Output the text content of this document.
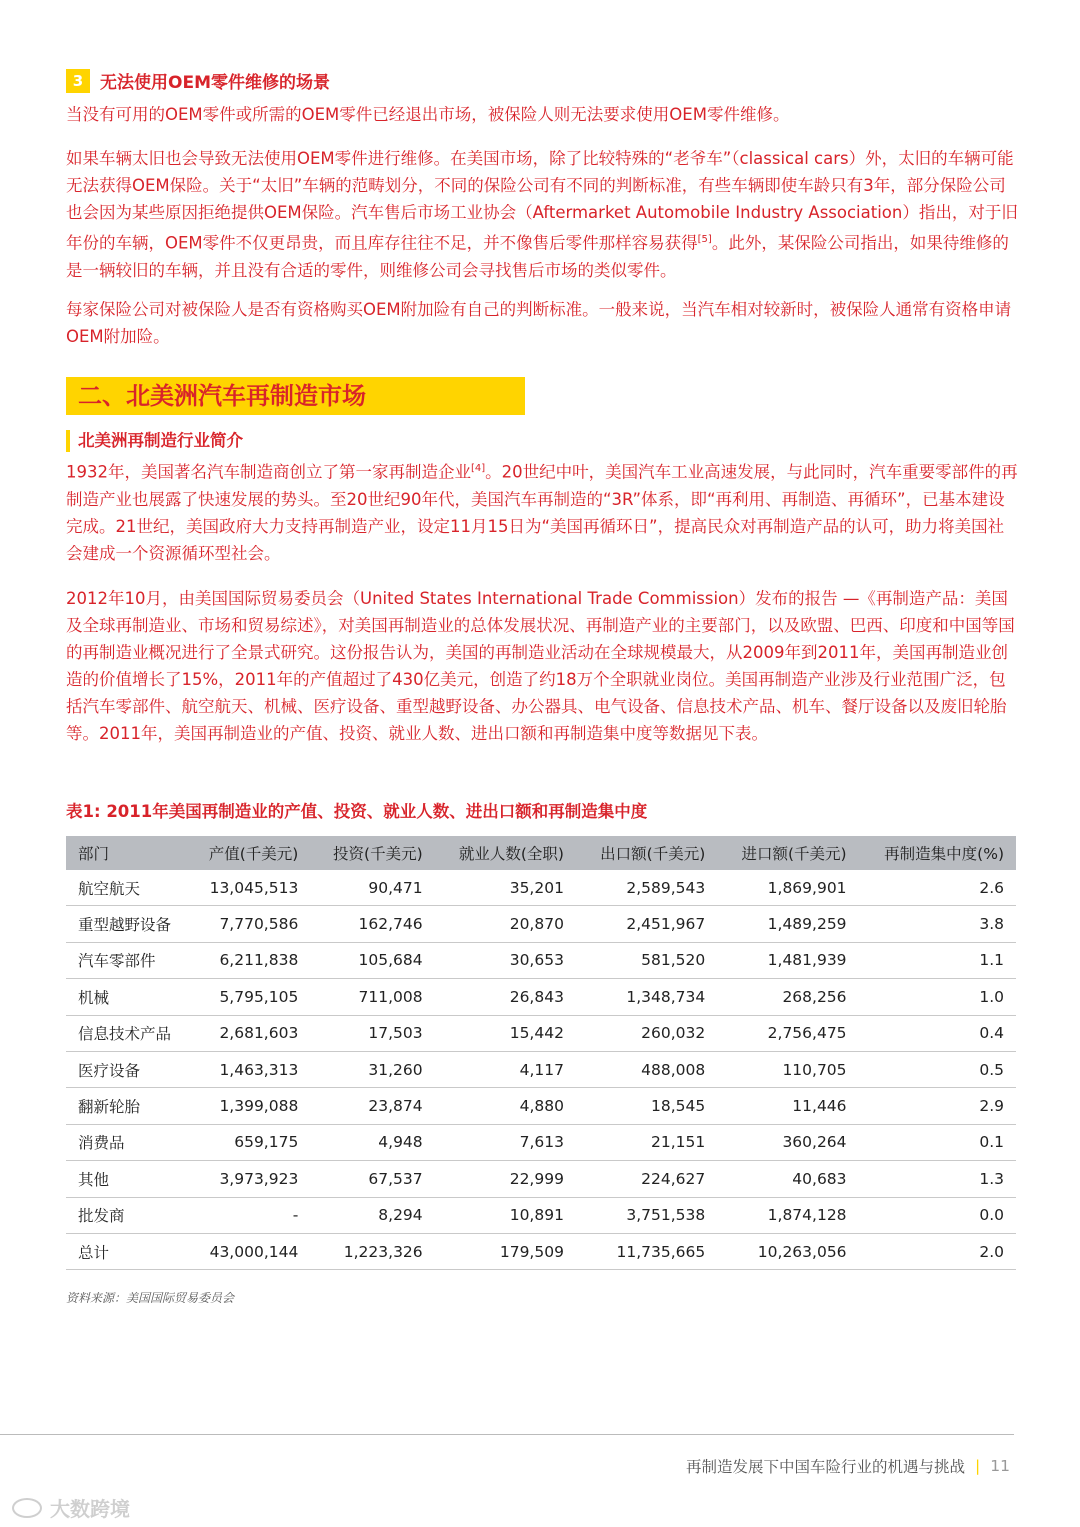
3 无法使用OEM零件维修的场景

当没有可用的OEM零件或所需的OEM零件已经退出市场，被保险人则无法要求使用OEM零件维修。

如果车辆太旧也会导致无法使用OEM零件进行维修。在美国市场，除了比较特殊的“老爷车”（classical cars）外，太旧的车辆可能无法获得OEM保险。关于“太旧”车辆的范畴划分，不同的保险公司有不同的判断标准，有些车辆即使车龄只有3年，部分保险公司也会因为某些原因拒绝提供OEM保险。汽车售后市场工业协会（Aftermarket Automobile Industry Association）指出，对于旧年份的车辆，OEM零件不仅更昂贵，而且库存往往不足，并不像售后零件那样容易获得[5]。此外，某保险公司指出，如果待维修的是一辆较旧的车辆，并且没有合适的零件，则维修公司会寻找售后市场的类似零件。

每家保险公司对被保险人是否有资格购买OEM附加险有自己的判断标准。一般来说，当汽车相对较新时，被保险人通常有资格申请OEM附加险。

二、北美洲汽车再制造市场
北美洲再制造行业简介

1932年，美国著名汽车制造商创立了第一家再制造企业[4]。20世纪中叶，美国汽车工业高速发展，与此同时，汽车重要零部件的再制造产业也展露了快速发展的势头。至20世纪90年代，美国汽车再制造的“3R”体系，即“再利用、再制造、再循环”，已基本建设完成。21世纪，美国政府大力支持再制造产业，设定11月15日为“美国再循环日”，提高民众对再制造产品的认可，助力将美国社会建成一个资源循环型社会。

2012年10月，由美国国际贸易委员会（United States International Trade Commission）发布的报告 —《再制造产品：美国及全球再制造业、市场和贸易综述》，对美国再制造业的总体发展状况、再制造产业的主要部门，以及欧盟、巴西、印度和中国等国的再制造业概况进行了全景式研究。这份报告认为，美国的再制造业活动在全球规模最大，从2009年到2011年，美国再制造业创造的价值增长了15%，2011年的产值超过了430亿美元，创造了约18万个全职就业岗位。美国再制造产业涉及行业范围广泛，包括汽车零部件、航空航天、机械、医疗设备、重型越野设备、办公器具、电气设备、信息技术产品、机车、餐厅设备以及废旧轮胎等。2011年，美国再制造业的产值、投资、就业人数、进出口额和再制造集中度等数据见下表。

表1: 2011年美国再制造业的产值、投资、就业人数、进出口额和再制造集中度
部门	产值(千美元)	投资(千美元)	就业人数(全职)	出口额(千美元)	进口额(千美元)	再制造集中度(%)
航空航天	13,045,513	90,471	35,201	2,589,543	1,869,901	2.6
重型越野设备	7,770,586	162,746	20,870	2,451,967	1,489,259	3.8
汽车零部件	6,211,838	105,684	30,653	581,520	1,481,939	1.1
机械	5,795,105	711,008	26,843	1,348,734	268,256	1.0
信息技术产品	2,681,603	17,503	15,442	260,032	2,756,475	0.4
医疗设备	1,463,313	31,260	4,117	488,008	110,705	0.5
翻新轮胎	1,399,088	23,874	4,880	18,545	11,446	2.9
消费品	659,175	4,948	7,613	21,151	360,264	0.1
其他	3,973,923	67,537	22,999	224,627	40,683	1.3
批发商	-	8,294	10,891	3,751,538	1,874,128	0.0
总计	43,000,144	1,223,326	179,509	11,735,665	10,263,056	2.0
资料来源：美国国际贸易委员会
再制造发展下中国车险行业的机遇与挑战 | 11
大数跨境
